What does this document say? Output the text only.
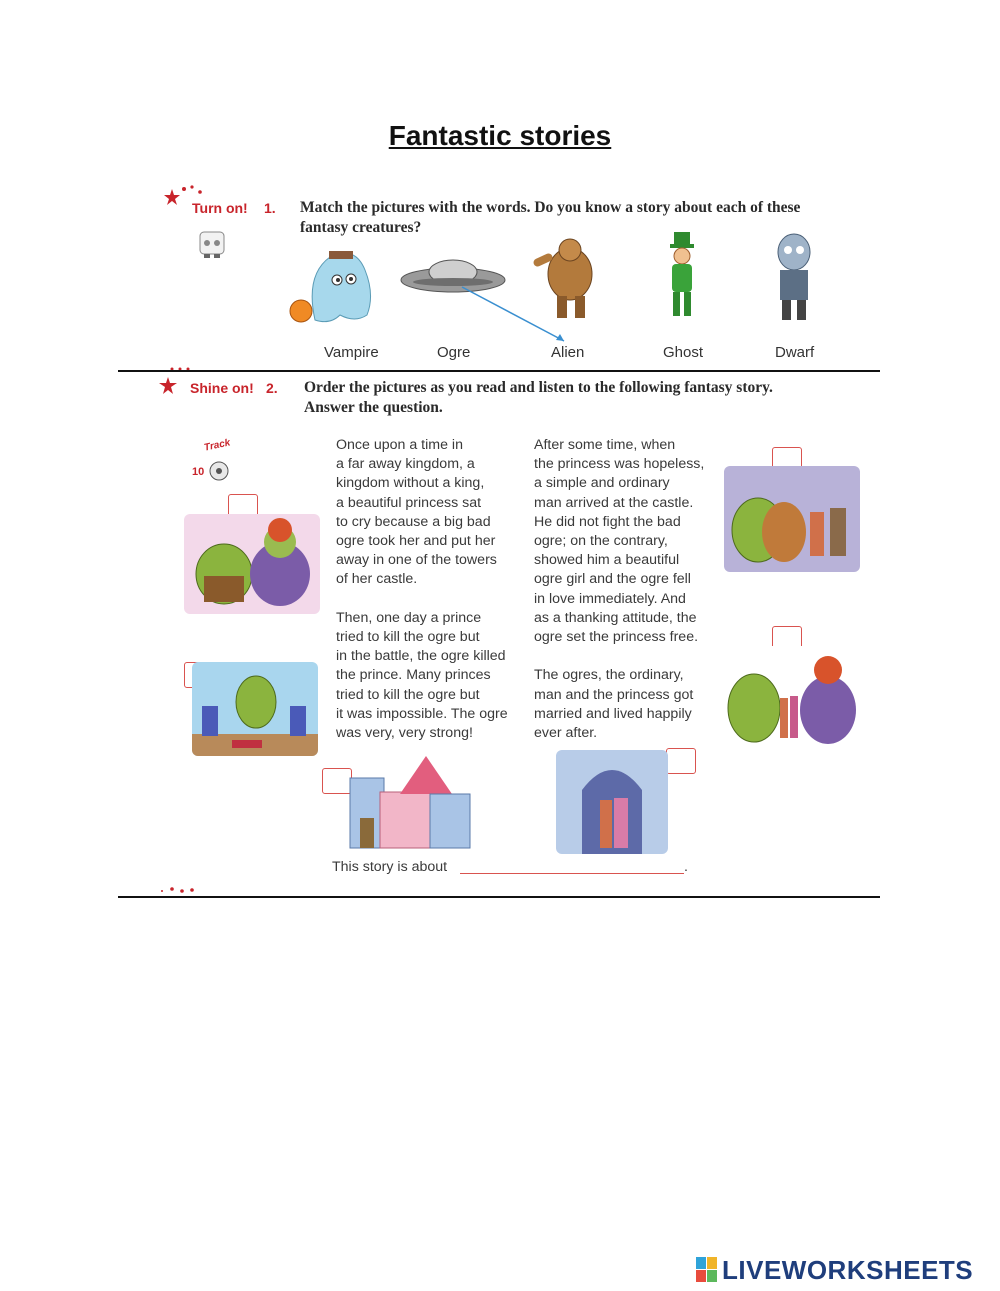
Fantastic stories
Turn on! 1. Match the pictures with the words. Do you know a story about each of these fantasy creatures?
Vampire	Ogre	Alien	Ghost	Dwarf
Shine on! 2. Order the pictures as you read and listen to the following fantasy story. Answer the question.
Track
10
Once upon a time in
a far away kingdom, a
kingdom without a king,
a beautiful princess sat
to cry because a big bad
ogre took her and put her
away in one of the towers
of her castle.

Then, one day a prince
tried to kill the ogre but
in the battle, the ogre killed
the prince. Many princes
tried to kill the ogre but
it was impossible. The ogre
was very, very strong!
After some time, when
the princess was hopeless,
a simple and ordinary
man arrived at the castle.
He did not fight the bad
ogre; on the contrary,
showed him a beautiful
ogre girl and the ogre fell
in love immediately. And
as a thanking attitude, the
ogre set the princess free.

The ogres, the ordinary,
man and the princess got
married and lived happily
ever after.
This story is about	.
LIVEWORKSHEETS
